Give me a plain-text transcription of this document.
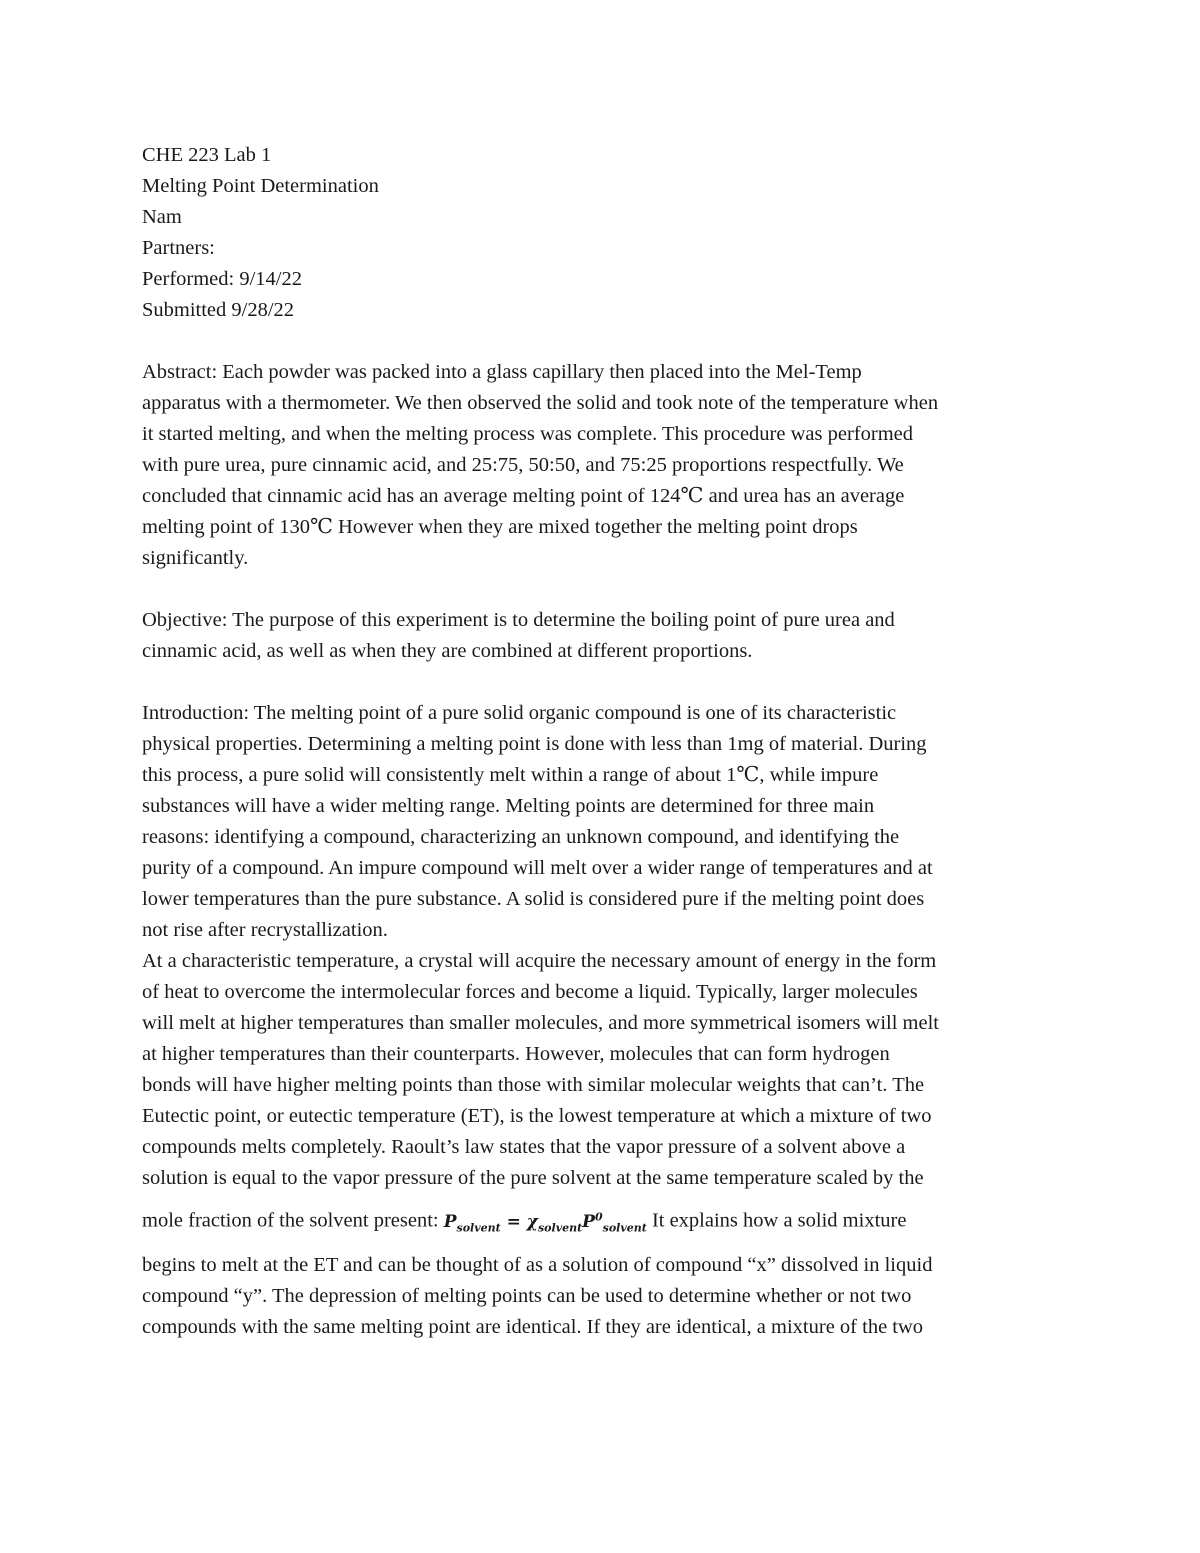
CHE 223 Lab 1
Melting Point Determination
Nam
Partners:
Performed: 9/14/22
Submitted 9/28/22
Abstract: Each powder was packed into a glass capillary then placed into the Mel-Temp
apparatus with a thermometer. We then observed the solid and took note of the temperature when
it started melting, and when the melting process was complete. This procedure was performed
with pure urea, pure cinnamic acid, and 25:75, 50:50, and 75:25 proportions respectfully. We
concluded that cinnamic acid has an average melting point of 124℃ and urea has an average
melting point of 130℃ However when they are mixed together the melting point drops
significantly.
Objective: The purpose of this experiment is to determine the boiling point of pure urea and
cinnamic acid, as well as when they are combined at different proportions.
Introduction: The melting point of a pure solid organic compound is one of its characteristic
physical properties. Determining a melting point is done with less than 1mg of material. During
this process, a pure solid will consistently melt within a range of about 1℃, while impure
substances will have a wider melting range. Melting points are determined for three main
reasons: identifying a compound, characterizing an unknown compound, and identifying the
purity of a compound. An impure compound will melt over a wider range of temperatures and at
lower temperatures than the pure substance. A solid is considered pure if the melting point does
not rise after recrystallization.
At a characteristic temperature, a crystal will acquire the necessary amount of energy in the form
of heat to overcome the intermolecular forces and become a liquid. Typically, larger molecules
will melt at higher temperatures than smaller molecules, and more symmetrical isomers will melt
at higher temperatures than their counterparts. However, molecules that can form hydrogen
bonds will have higher melting points than those with similar molecular weights that can’t. The
Eutectic point, or eutectic temperature (ET), is the lowest temperature at which a mixture of two
compounds melts completely. Raoult’s law states that the vapor pressure of a solvent above a
solution is equal to the vapor pressure of the pure solvent at the same temperature scaled by the
mole fraction of the solvent present: $P_{solvent} = \chi_{solvent}P^0_{solvent}$ It explains how a solid mixture
begins to melt at the ET and can be thought of as a solution of compound “x” dissolved in liquid
compound “y”. The depression of melting points can be used to determine whether or not two
compounds with the same melting point are identical. If they are identical, a mixture of the two
